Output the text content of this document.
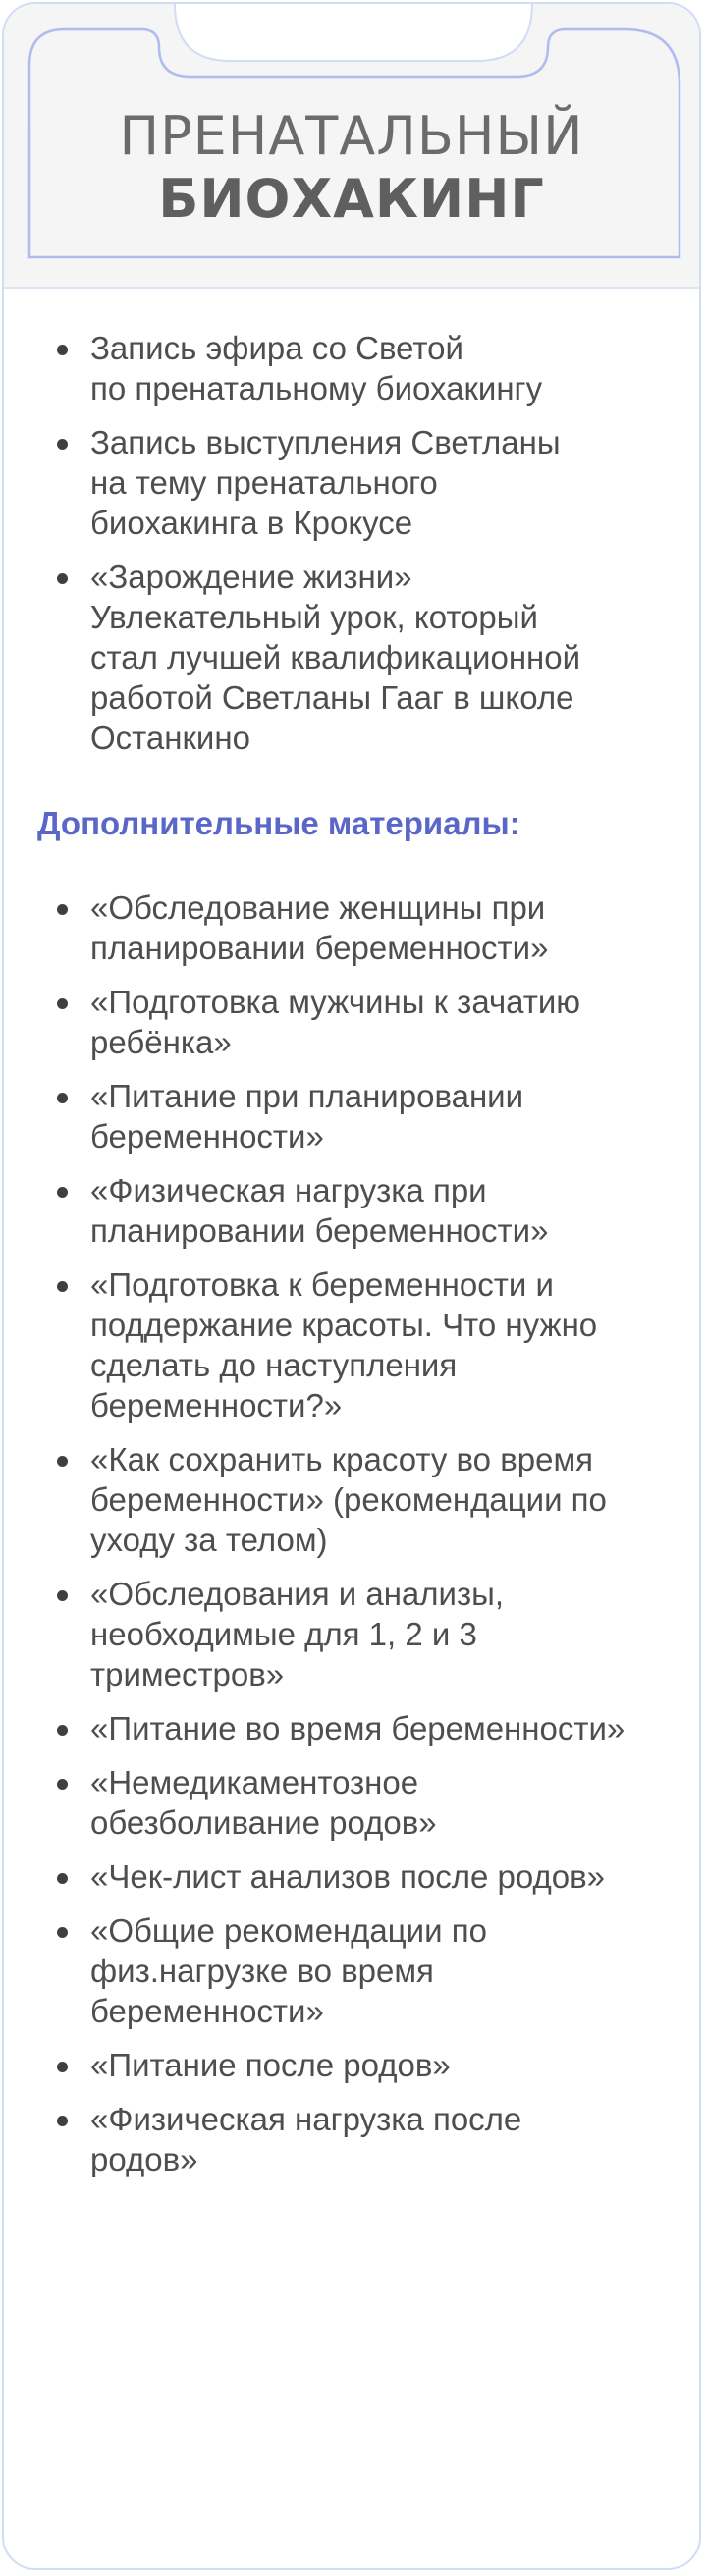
ПРЕНАТАЛЬНЫЙ
БИОХАКИНГ
Запись эфира со Светой
по пренатальному биохакингу
Запись выступления Светланы
на тему пренатального
биохакинга в Крокусе
«Зарождение жизни»
Увлекательный урок, который
стал лучшей квалификационной
работой Светланы Гааг в школе
Останкино
Дополнительные материалы:
«Обследование женщины при
планировании беременности»
«Подготовка мужчины к зачатию
ребёнка»
«Питание при планировании
беременности»
«Физическая нагрузка при
планировании беременности»
«Подготовка к беременности и
поддержание красоты. Что нужно
сделать до наступления
беременности?»
«Как сохранить красоту во время
беременности» (рекомендации по
уходу за телом)
«Обследования и анализы,
необходимые для 1, 2 и 3
триместров»
«Питание во время беременности»
«Немедикаментозное
обезболивание родов»
«Чек-лист анализов после родов»
«Общие рекомендации по
физ.нагрузке во время
беременности»
«Питание после родов»
«Физическая нагрузка после
родов»
